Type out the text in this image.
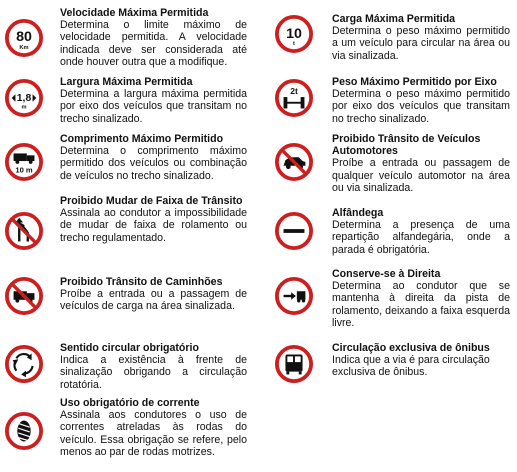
80
Km
Velocidade Máxima Permitida
Determina o limite máximo de velocidade permitida. A velocidade indicada deve ser considerada até onde houver outra que a modifique.
1,8
m
Largura Máxima Permitida
Determina a largura máxima permitida por eixo dos veículos que transitam no trecho sinalizado.
10 m
Comprimento Máximo Permitido
Determina o comprimento máximo permitido dos veículos ou combinação de veículos no trecho sinalizado.
Proibido Mudar de Faixa de Trânsito
Assinala ao condutor a impossibilidade de mudar de faixa de rolamento ou trecho regulamentado.
Proibido Trânsito de Caminhões
Proíbe a entrada ou a passagem de veículos de carga na área sinalizada.
Sentido circular obrigatório
Indica a existência à frente de sinalização obrigando a circulação rotatória.
Uso obrigatório de corrente
Assinala aos condutores o uso de correntes atreladas às rodas do veículo. Essa obrigação se refere, pelo menos ao par de rodas motrizes.
10
t
Carga Máxima Permitida
Determina o peso máximo permitido a um veículo para circular na área ou via sinalizada.
2t
Peso Máximo Permitido por Eixo
Determina o peso máximo permitido por eixo dos veículos que transitam no trecho sinalizado.
Proibido Trânsito de Veículos Automotores
Proíbe a entrada ou passagem de qualquer veículo automotor na área ou via sinalizada.
Alfândega
Determina a presença de uma repartição alfandegária, onde a parada é obrigatória.
Conserve-se à Direita
Determina ao condutor que se mantenha à direita da pista de rolamento, deixando a faixa esquerda livre.
Circulação exclusiva de ônibus
Indica que a via é para circulação exclusiva de ônibus.
